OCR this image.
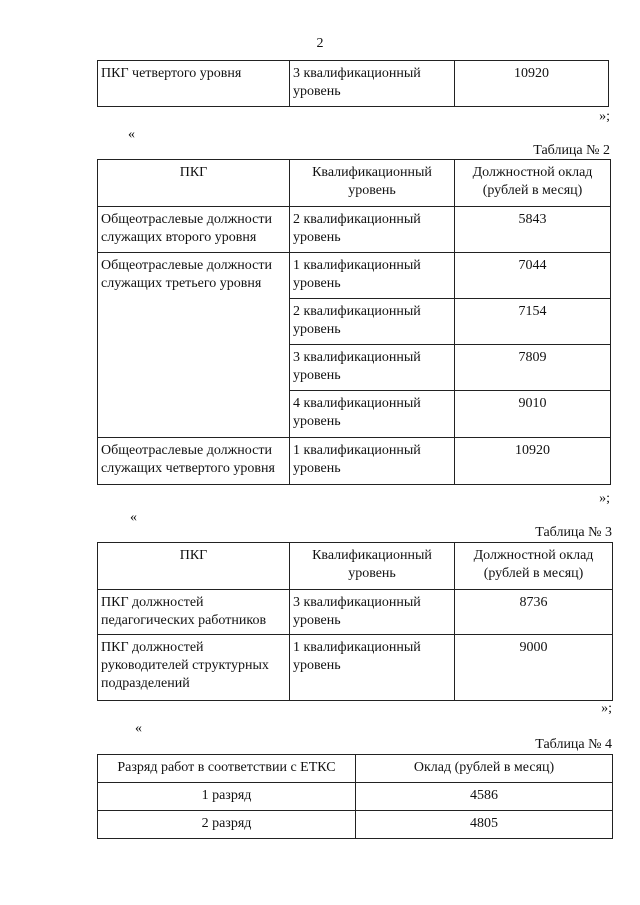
2
ПКГ четвертого уровня	3 квалификационный уровень	10920
»;
«
Таблица № 2
ПКГ	Квалификационный уровень	Должностной оклад (рублей в месяц)
Общеотраслевые должности служащих второго уровня	2 квалификационный уровень	5843
Общеотраслевые должности служащих третьего уровня	1 квалификационный уровень	7044
	2 квалификационный уровень	7154
	3 квалификационный уровень	7809
	4 квалификационный уровень	9010
Общеотраслевые должности служащих четвертого уровня	1 квалификационный уровень	10920
»;
«
Таблица № 3
ПКГ	Квалификационный уровень	Должностной оклад (рублей в месяц)
ПКГ должностей педагогических работников	3 квалификационный уровень	8736
ПКГ должностей руководителей структурных подразделений	1 квалификационный уровень	9000
»;
«
Таблица № 4
Разряд работ в соответствии с ЕТКС	Оклад (рублей в месяц)
1 разряд	4586
2 разряд	4805
